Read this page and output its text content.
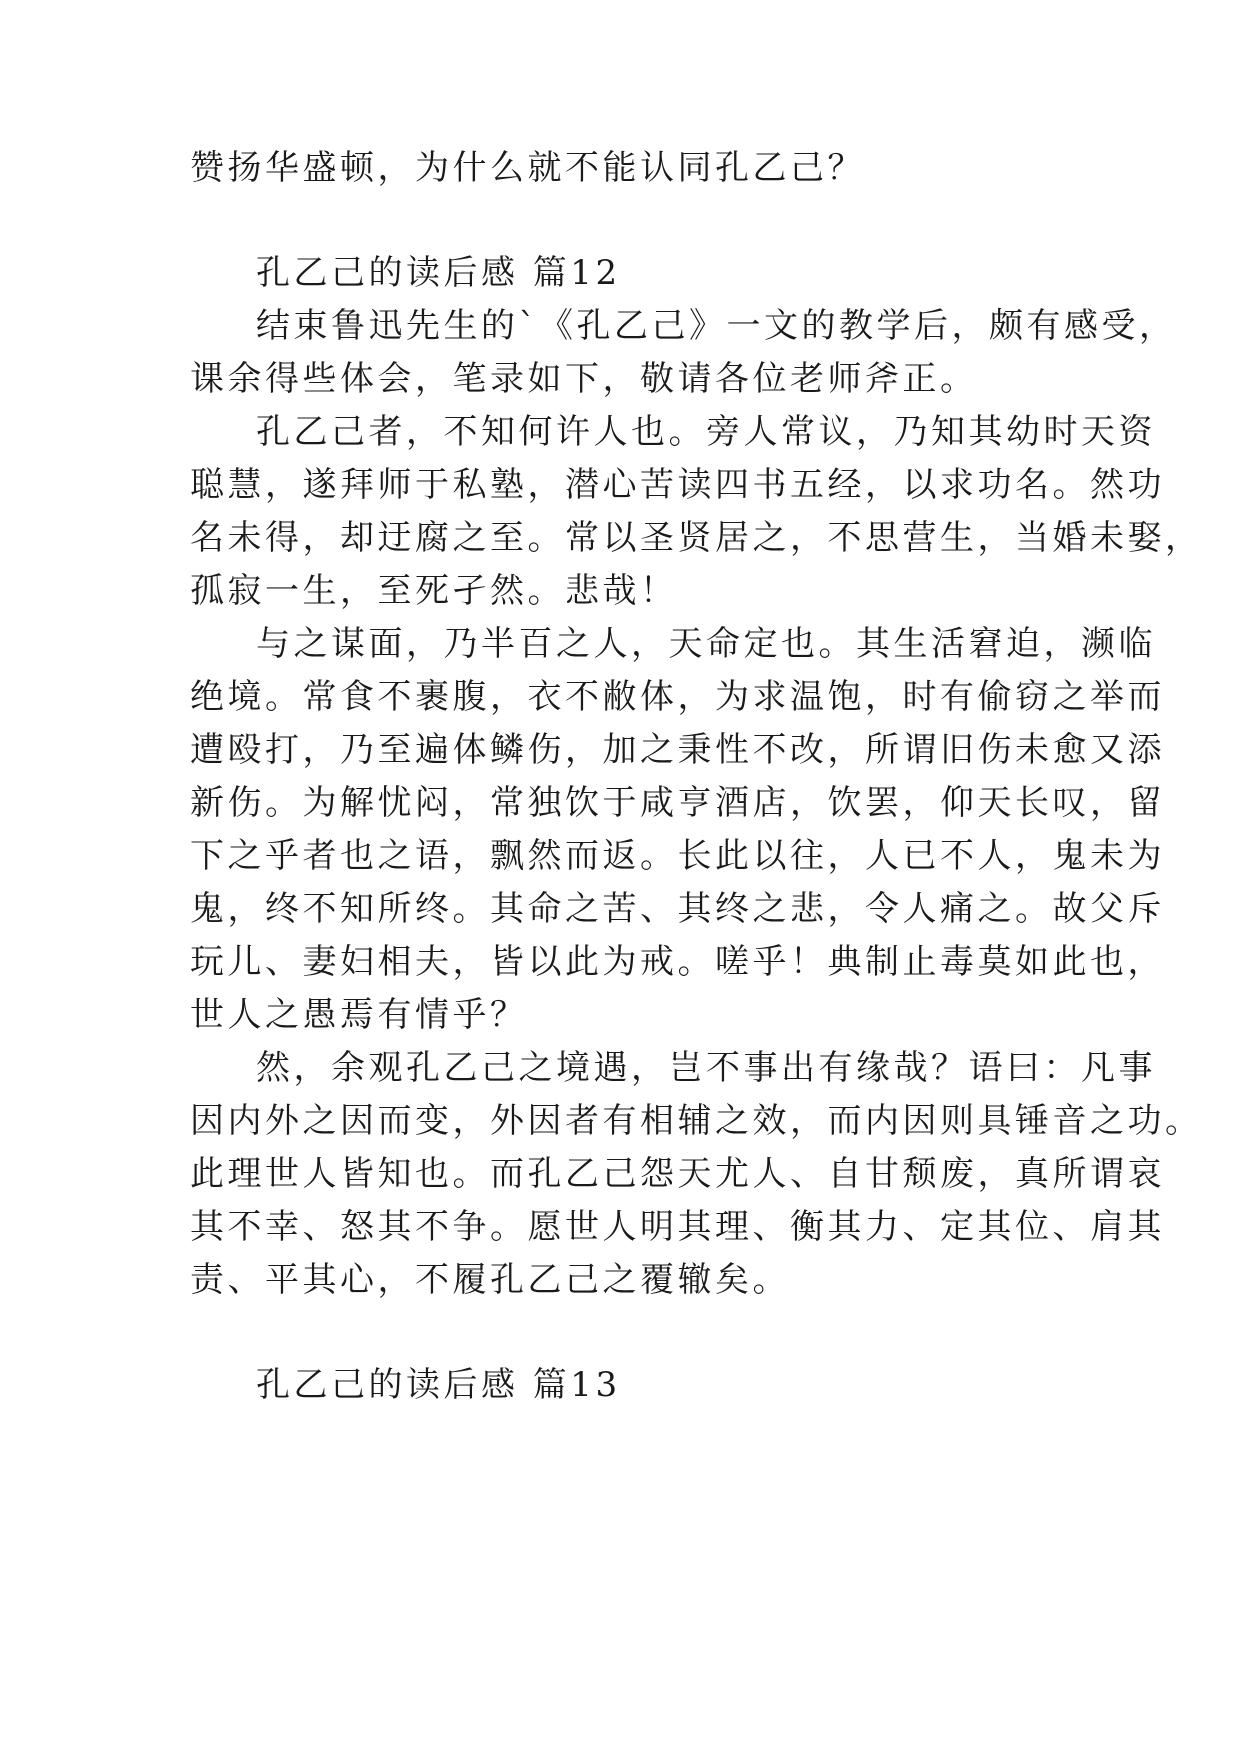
赞扬华盛顿，为什么就不能认同孔乙己？
孔乙己的读后感 篇12
结束鲁迅先生的`《孔乙己》一文的教学后，颇有感受，
课余得些体会，笔录如下，敬请各位老师斧正。
孔乙己者，不知何许人也。旁人常议，乃知其幼时天资
聪慧，遂拜师于私塾，潜心苦读四书五经，以求功名。然功
名未得，却迂腐之至。常以圣贤居之，不思营生，当婚未娶，
孤寂一生，至死孑然。悲哉！
与之谋面，乃半百之人，天命定也。其生活窘迫，濒临
绝境。常食不裹腹，衣不敝体，为求温饱，时有偷窃之举而
遭殴打，乃至遍体鳞伤，加之秉性不改，所谓旧伤未愈又添
新伤。为解忧闷，常独饮于咸亨酒店，饮罢，仰天长叹，留
下之乎者也之语，飘然而返。长此以往，人已不人，鬼未为
鬼，终不知所终。其命之苦、其终之悲，令人痛之。故父斥
玩儿、妻妇相夫，皆以此为戒。嗟乎！典制止毒莫如此也，
世人之愚焉有情乎？
然，余观孔乙己之境遇，岂不事出有缘哉？语曰：凡事
因内外之因而变，外因者有相辅之效，而内因则具锤音之功。
此理世人皆知也。而孔乙己怨天尤人、自甘颓废，真所谓哀
其不幸、怒其不争。愿世人明其理、衡其力、定其位、肩其
责、平其心，不履孔乙己之覆辙矣。
孔乙己的读后感 篇13
